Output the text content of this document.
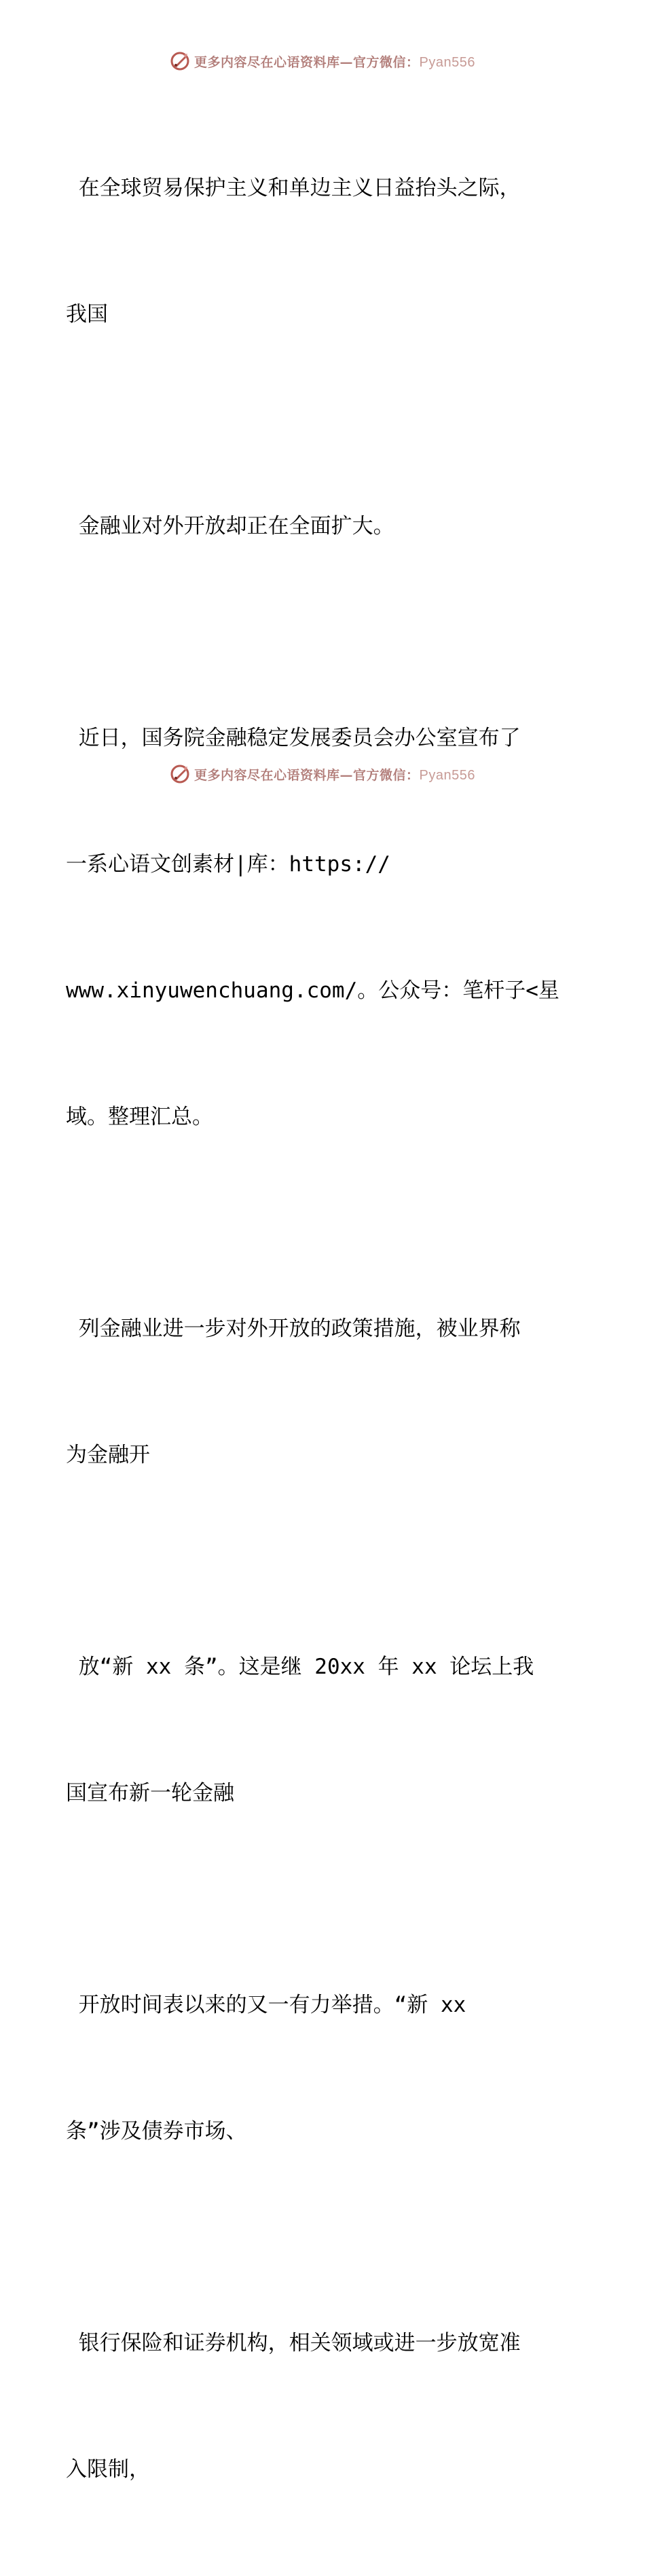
更多内容尽在心语资料库—官方微信：Pyan556

在全球贸易保护主义和单边主义日益抬头之际，

我国

金融业对外开放却正在全面扩大。

近日，国务院金融稳定发展委员会办公室宣布了

一系心语文创素材|库：https://

www.xinyuwenchuang.com/。公众号：笔杆子<星

域。整理汇总。

列金融业进一步对外开放的政策措施，被业界称

为金融开

放“新 xx 条”。这是继 20xx 年 xx 论坛上我

国宣布新一轮金融

开放时间表以来的又一有力举措。“新 xx

条”涉及债券市场、

银行保险和证券机构，相关领域或进一步放宽准

入限制，

更多内容尽在心语资料库—官方微信：Pyan556
